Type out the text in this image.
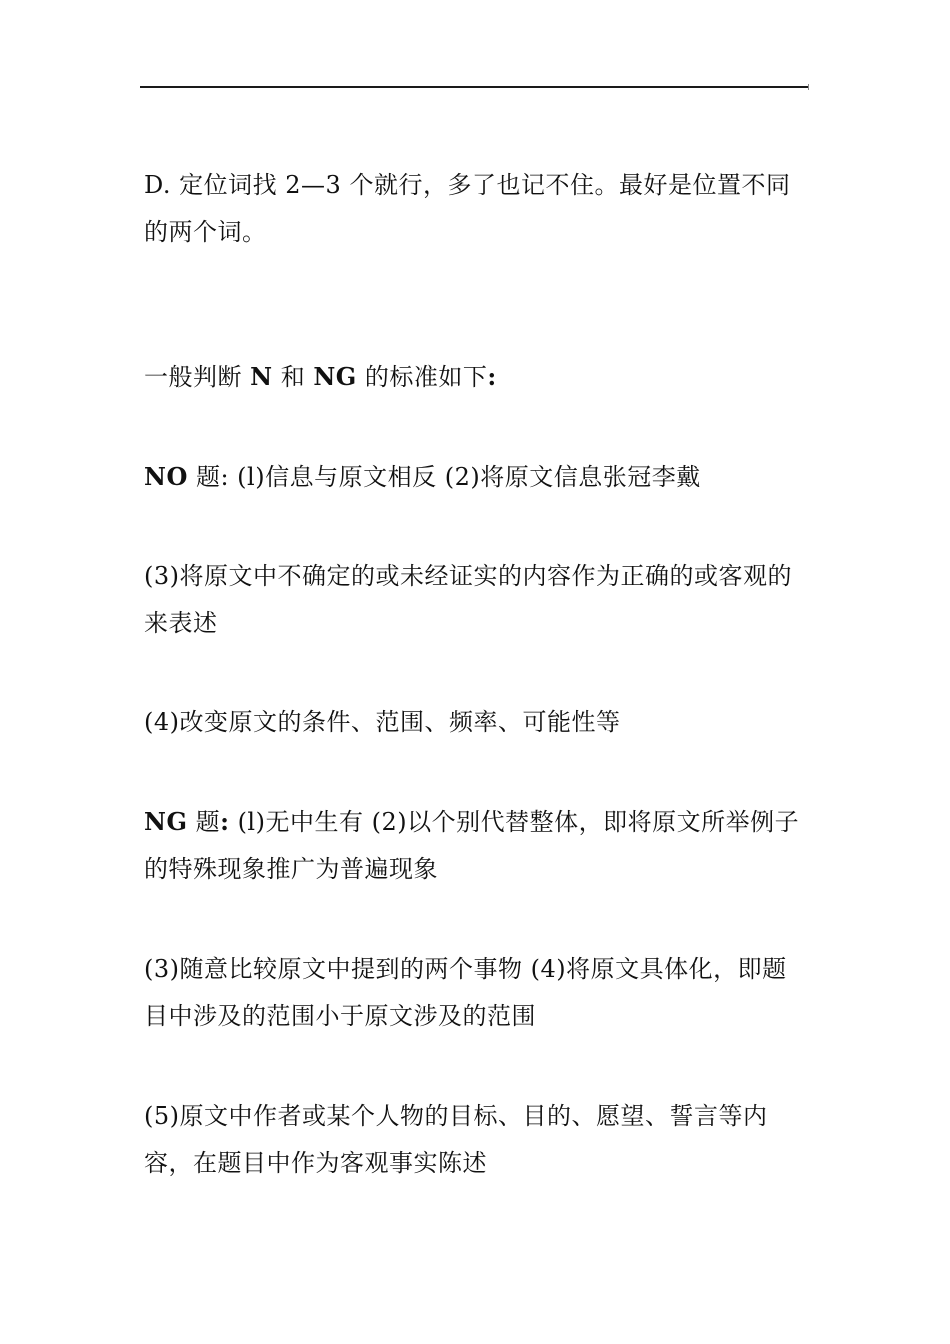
D. 定位词找 2—3 个就行，多了也记不住。最好是位置不同的两个词。

一般判断 N 和 NG 的标准如下:

NO 题: (l)信息与原文相反 (2)将原文信息张冠李戴

(3)将原文中不确定的或未经证实的内容作为正确的或客观的来表述

(4)改变原文的条件、范围、频率、可能性等

NG 题: (l)无中生有 (2)以个别代替整体，即将原文所举例子的特殊现象推广为普遍现象

(3)随意比较原文中提到的两个事物 (4)将原文具体化，即题目中涉及的范围小于原文涉及的范围

(5)原文中作者或某个人物的目标、目的、愿望、誓言等内容，在题目中作为客观事实陈述
